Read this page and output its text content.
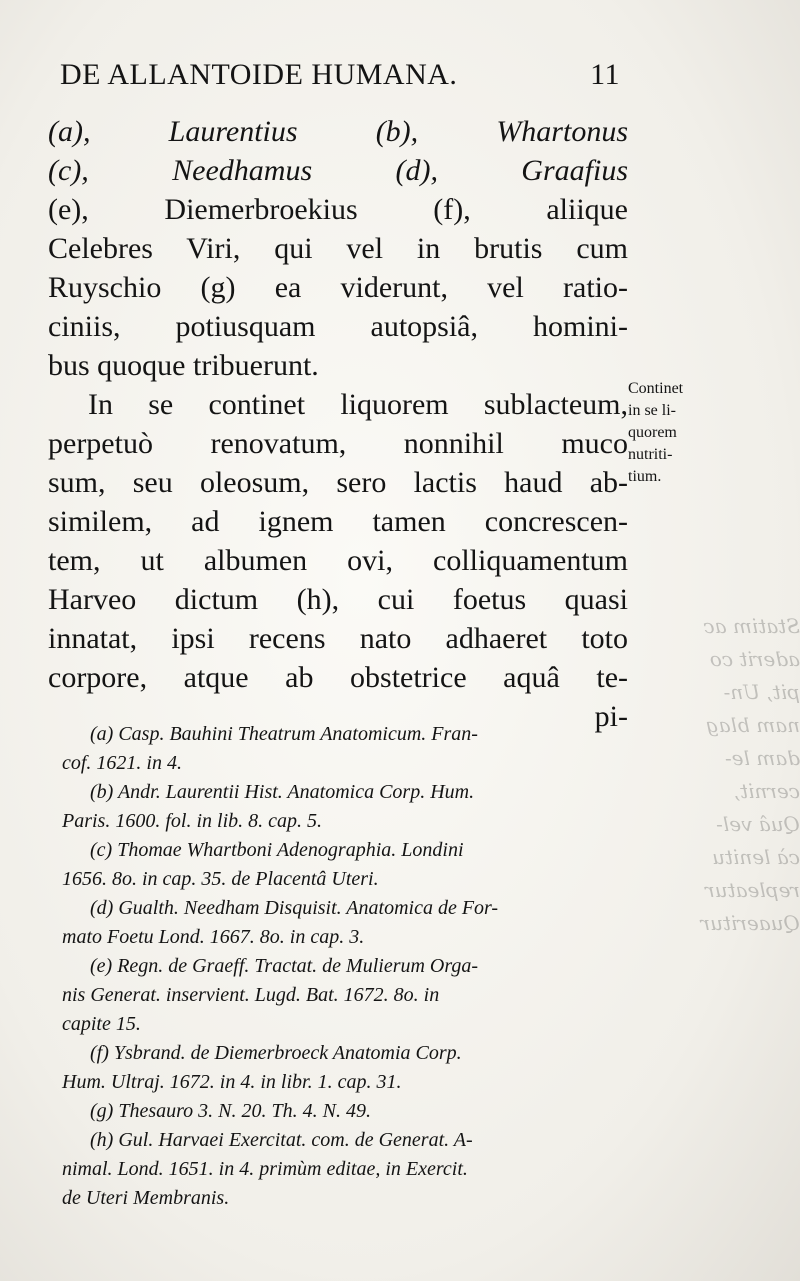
Statim ac
aderit co
pit, Un-
nam blag
dam le-
cernit,
Quâ vel-
cà lenitu
repleatur
Quaeritur
DE ALLANTOIDE HUMANA.	11
(a), Laurentius (b), Whartonus
(c), Needhamus (d), Graafius
(e), Diemerbroekius (f), aliique
Celebres Viri, qui vel in brutis cum
Ruyschio (g) ea viderunt, vel ratio-
ciniis, potiusquam autopsiâ, homini-
bus quoque tribuerunt.
In se continet liquorem sublacteum,
perpetuò renovatum, nonnihil muco
sum, seu oleosum, sero lactis haud ab-
similem, ad ignem tamen concrescen-
tem, ut albumen ovi, colliquamentum
Harveo dictum (h), cui foetus quasi
innatat, ipsi recens nato adhaeret toto
corpore, atque ab obstetrice aquâ te-
pi-
Continet
in se li-
quorem
nutriti-
tium.
(a) Casp. Bauhini Theatrum Anatomicum. Fran-
cof. 1621. in 4.
(b) Andr. Laurentii Hist. Anatomica Corp. Hum.
Paris. 1600. fol. in lib. 8. cap. 5.
(c) Thomae Whartboni Adenographia. Londini
1656. 8o. in cap. 35. de Placentâ Uteri.
(d) Gualth. Needham Disquisit. Anatomica de For-
mato Foetu Lond. 1667. 8o. in cap. 3.
(e) Regn. de Graeff. Tractat. de Mulierum Orga-
nis Generat. inservient. Lugd. Bat. 1672. 8o. in
capite 15.
(f) Ysbrand. de Diemerbroeck Anatomia Corp.
Hum. Ultraj. 1672. in 4. in libr. 1. cap. 31.
(g) Thesauro 3. N. 20. Th. 4. N. 49.
(h) Gul. Harvaei Exercitat. com. de Generat. A-
nimal. Lond. 1651. in 4. primùm editae, in Exercit.
de Uteri Membranis.
